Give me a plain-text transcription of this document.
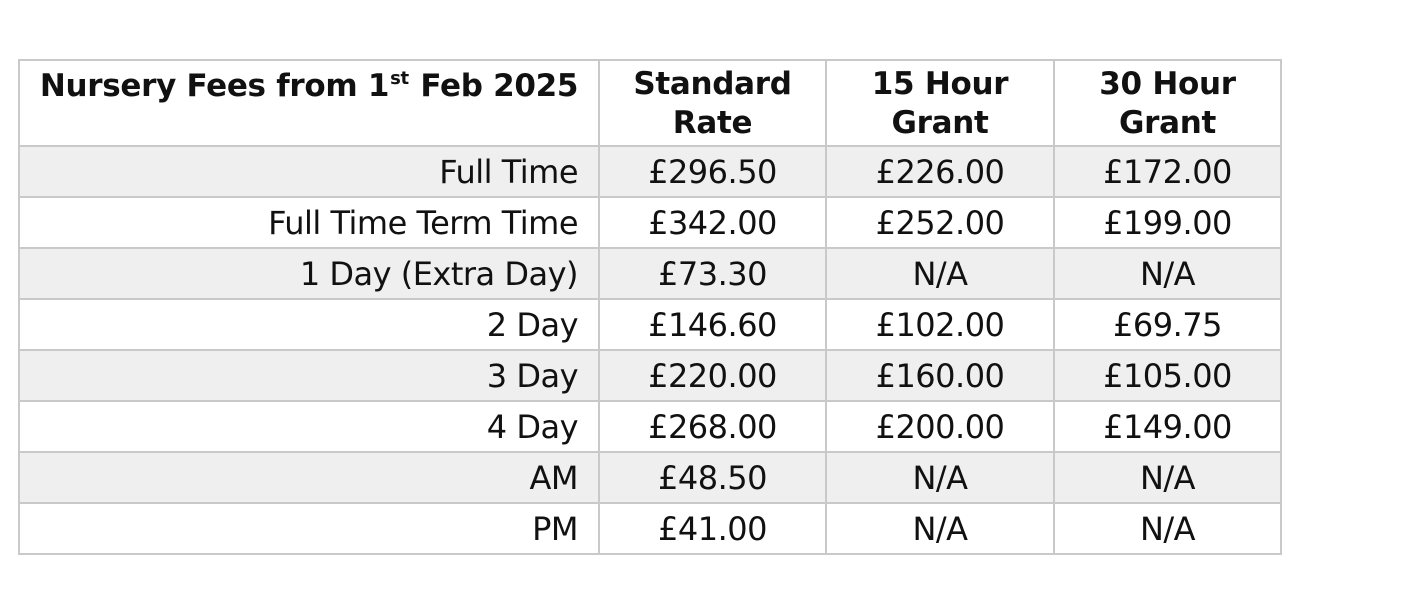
Nursery Fees from 1st Feb 2025	Standard Rate	15 Hour Grant	30 Hour Grant
Full Time	£296.50	£226.00	£172.00
Full Time Term Time	£342.00	£252.00	£199.00
1 Day (Extra Day)	£73.30	N/A	N/A
2 Day	£146.60	£102.00	£69.75
3 Day	£220.00	£160.00	£105.00
4 Day	£268.00	£200.00	£149.00
AM	£48.50	N/A	N/A
PM	£41.00	N/A	N/A
